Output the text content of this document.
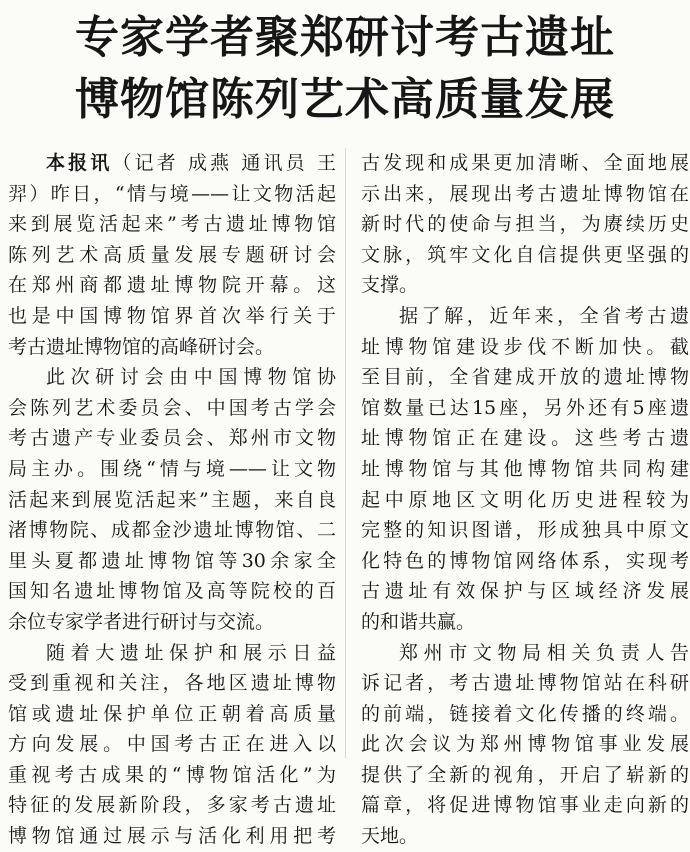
专家学者聚郑研讨考古遗址
博物馆陈列艺术高质量发展
本报讯（记者 成燕 通讯员 王
羿）昨日，“情与境——让文物活起
来到展览活起来”考古遗址博物馆
陈列艺术高质量发展专题研讨会
在郑州商都遗址博物院开幕。这
也是中国博物馆界首次举行关于
考古遗址博物馆的高峰研讨会。
此次研讨会由中国博物馆协
会陈列艺术委员会、中国考古学会
考古遗产专业委员会、郑州市文物
局主办。围绕“情与境——让文物
活起来到展览活起来”主题，来自良
渚博物院、成都金沙遗址博物馆、二
里头夏都遗址博物馆等30余家全
国知名遗址博物馆及高等院校的百
余位专家学者进行研讨与交流。
随着大遗址保护和展示日益
受到重视和关注，各地区遗址博物
馆或遗址保护单位正朝着高质量
方向发展。中国考古正在进入以
重视考古成果的“博物馆活化”为
特征的发展新阶段，多家考古遗址
博物馆通过展示与活化利用把考
古发现和成果更加清晰、全面地展
示出来，展现出考古遗址博物馆在
新时代的使命与担当，为赓续历史
文脉，筑牢文化自信提供更坚强的
支撑。
据了解，近年来，全省考古遗
址博物馆建设步伐不断加快。截
至目前，全省建成开放的遗址博物
馆数量已达15座，另外还有5座遗
址博物馆正在建设。这些考古遗
址博物馆与其他博物馆共同构建
起中原地区文明化历史进程较为
完整的知识图谱，形成独具中原文
化特色的博物馆网络体系，实现考
古遗址有效保护与区域经济发展
的和谐共赢。
郑州市文物局相关负责人告
诉记者，考古遗址博物馆站在科研
的前端，链接着文化传播的终端。
此次会议为郑州博物馆事业发展
提供了全新的视角，开启了崭新的
篇章，将促进博物馆事业走向新的
天地。
